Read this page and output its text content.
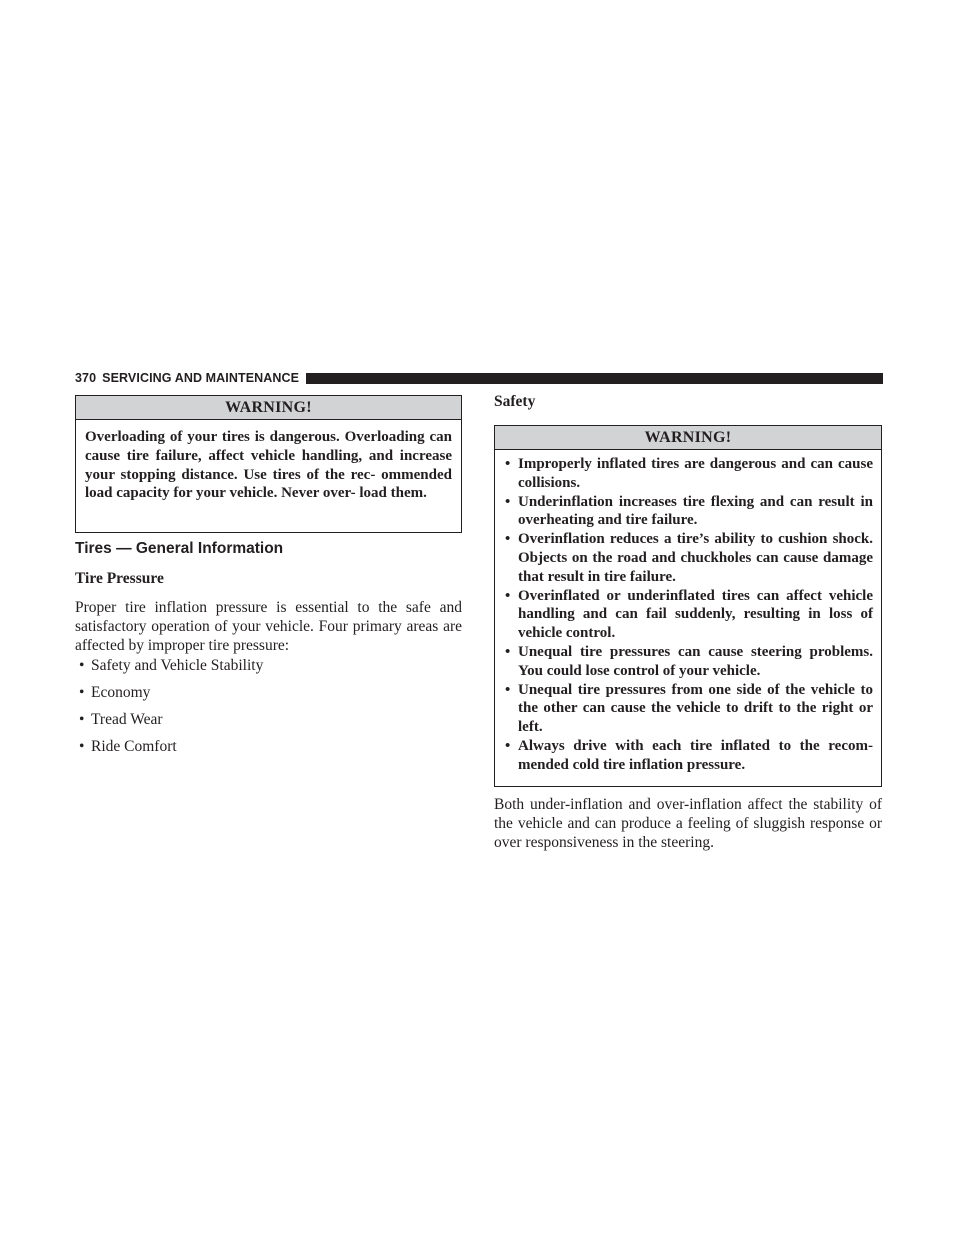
370 SERVICING AND MAINTENANCE
WARNING!
Overloading of your tires is dangerous. Overloading can cause tire failure, affect vehicle handling, and increase your stopping distance. Use tires of the rec- ommended load capacity for your vehicle. Never over- load them.
Tires — General Information
Tire Pressure
Proper tire inflation pressure is essential to the safe and satisfactory operation of your vehicle. Four primary areas are affected by improper tire pressure:
• Safety and Vehicle Stability
• Economy
• Tread Wear
• Ride Comfort
Safety
WARNING!
• Improperly inflated tires are dangerous and can cause collisions.
• Underinflation increases tire flexing and can result in overheating and tire failure.
• Overinflation reduces a tire’s ability to cushion shock. Objects on the road and chuckholes can cause damage that result in tire failure.
• Overinflated or underinflated tires can affect vehicle handling and can fail suddenly, resulting in loss of vehicle control.
• Unequal tire pressures can cause steering problems. You could lose control of your vehicle.
• Unequal tire pressures from one side of the vehicle to the other can cause the vehicle to drift to the right or left.
• Always drive with each tire inflated to the recom- mended cold tire inflation pressure.
Both under-inflation and over-inflation affect the stability of the vehicle and can produce a feeling of sluggish response or over responsiveness in the steering.
